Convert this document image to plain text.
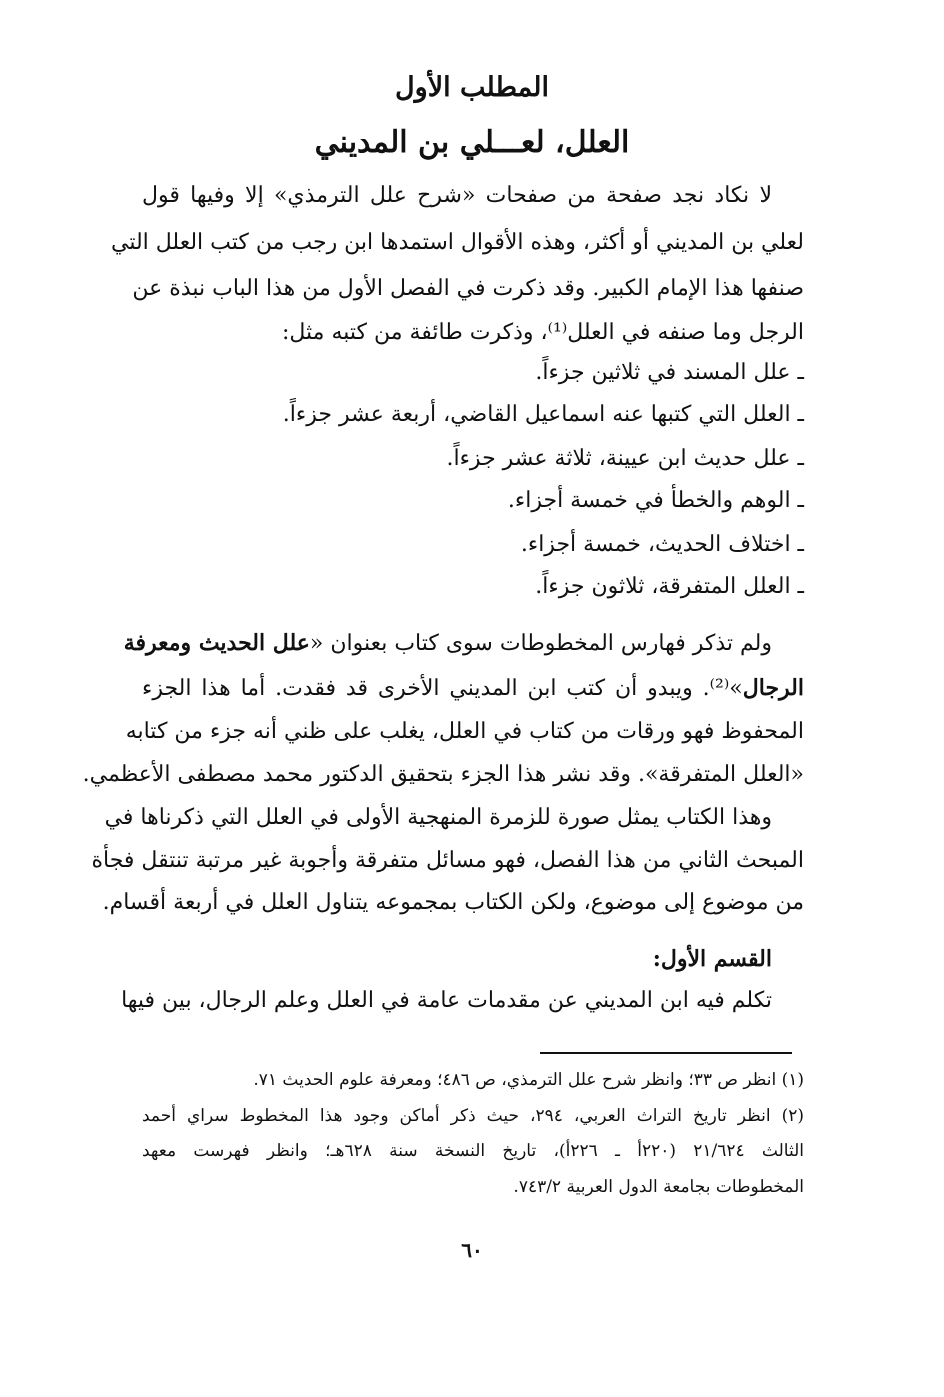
المطلب الأول
العلل، لعـــلي بن المديني
لا نكاد نجد صفحة من صفحات «شرح علل الترمذي» إلا وفيها قول
لعلي بن المديني أو أكثر، وهذه الأقوال استمدها ابن رجب من كتب العلل التي
صنفها هذا الإمام الكبير. وقد ذكرت في الفصل الأول من هذا الباب نبذة عن
الرجل وما صنفه في العلل⁽¹⁾، وذكرت طائفة من كتبه مثل:
ـ علل المسند في ثلاثين جزءاً.
ـ العلل التي كتبها عنه اسماعيل القاضي، أربعة عشر جزءاً.
ـ علل حديث ابن عيينة، ثلاثة عشر جزءاً.
ـ الوهم والخطأ في خمسة أجزاء.
ـ اختلاف الحديث، خمسة أجزاء.
ـ العلل المتفرقة، ثلاثون جزءاً.
ولم تذكر فهارس المخطوطات سوى كتاب بعنوان «علل الحديث ومعرفة
الرجال»⁽²⁾. ويبدو أن كتب ابن المديني الأخرى قد فقدت. أما هذا الجزء
المحفوظ فهو ورقات من كتاب في العلل، يغلب على ظني أنه جزء من كتابه
«العلل المتفرقة». وقد نشر هذا الجزء بتحقيق الدكتور محمد مصطفى الأعظمي.
وهذا الكتاب يمثل صورة للزمرة المنهجية الأولى في العلل التي ذكرناها في
المبحث الثاني من هذا الفصل، فهو مسائل متفرقة وأجوبة غير مرتبة تنتقل فجأة
من موضوع إلى موضوع، ولكن الكتاب بمجموعه يتناول العلل في أربعة أقسام.
القسم الأول:
تكلم فيه ابن المديني عن مقدمات عامة في العلل وعلم الرجال، بين فيها
(١) انظر ص ٣٣؛ وانظر شرح علل الترمذي، ص ٤٨٦؛ ومعرفة علوم الحديث ٧١.
(٢) انظر تاريخ التراث العربي، ٢٩٤، حيث ذكر أماكن وجود هذا المخطوط سراي أحمد
الثالث ٢١/٦٢٤ (٢٢٠أ ـ ٢٢٦أ)، تاريخ النسخة سنة ٦٢٨هـ؛ وانظر فهرست معهد
المخطوطات بجامعة الدول العربية ٧٤٣/٢.
٦٠
